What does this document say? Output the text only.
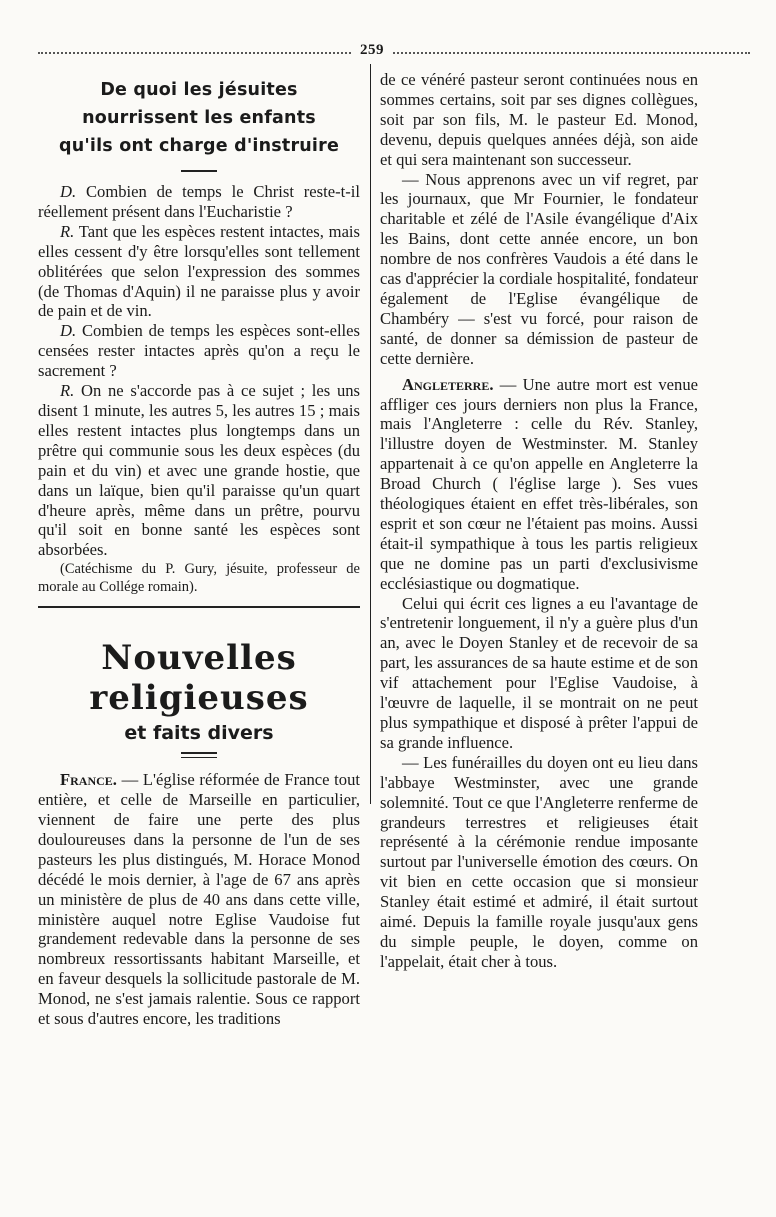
259
De quoi les jésuites
nourrissent les enfants
qu'ils ont charge d'instruire

D. Combien de temps le Christ reste-t-il réellement présent dans l'Eucharistie ?

R. Tant que les espèces restent intactes, mais elles cessent d'y être lorsqu'elles sont tellement oblitérées que selon l'expression des sommes (de Thomas d'Aquin) il ne paraisse plus y avoir de pain et de vin.

D. Combien de temps les espèces sont-elles censées rester intactes après qu'on a reçu le sacrement ?

R. On ne s'accorde pas à ce sujet ; les uns disent 1 minute, les autres 5, les autres 15 ; mais elles restent intactes plus longtemps dans un prêtre qui communie sous les deux espèces (du pain et du vin) et avec une grande hostie, que dans un laïque, bien qu'il paraisse qu'un quart d'heure après, même dans un prêtre, pourvu qu'il soit en bonne santé les espèces sont absorbées.

(Catéchisme du P. Gury, jésuite, professeur de morale au Collége romain).

Nouvelles religieuses
et faits divers

France. — L'église réformée de France tout entière, et celle de Marseille en particulier, viennent de faire une perte des plus douloureuses dans la personne de l'un de ses pasteurs les plus distingués, M. Horace Monod décédé le mois dernier, à l'age de 67 ans après un ministère de plus de 40 ans dans cette ville, ministère auquel notre Eglise Vaudoise fut grandement redevable dans la personne de ses nombreux ressortissants habitant Marseille, et en faveur desquels la sollicitude pastorale de M. Monod, ne s'est jamais ralentie. Sous ce rapport et sous d'autres encore, les traditions

de ce vénéré pasteur seront continuées nous en sommes certains, soit par ses dignes collègues, soit par son fils, M. le pasteur Ed. Monod, devenu, depuis quelques années déjà, son aide et qui sera maintenant son successeur.

— Nous apprenons avec un vif regret, par les journaux, que Mr Fournier, le fondateur charitable et zélé de l'Asile évangélique d'Aix les Bains, dont cette année encore, un bon nombre de nos confrères Vaudois a été dans le cas d'apprécier la cordiale hospitalité, fondateur également de l'Eglise évangélique de Chambéry — s'est vu forcé, pour raison de santé, de donner sa démission de pasteur de cette dernière.

Angleterre. — Une autre mort est venue affliger ces jours derniers non plus la France, mais l'Angleterre : celle du Rév. Stanley, l'illustre doyen de Westminster. M. Stanley appartenait à ce qu'on appelle en Angleterre la Broad Church ( l'église large ). Ses vues théologiques étaient en effet très-libérales, son esprit et son cœur ne l'étaient pas moins. Aussi était-il sympathique à tous les partis religieux que ne domine pas un parti d'exclusivisme ecclésiastique ou dogmatique.

Celui qui écrit ces lignes a eu l'avantage de s'entretenir longuement, il n'y a guère plus d'un an, avec le Doyen Stanley et de recevoir de sa part, les assurances de sa haute estime et de son vif attachement pour l'Eglise Vaudoise, à l'œuvre de laquelle, il se montrait on ne peut plus sympathique et disposé à prêter l'appui de sa grande influence.

— Les funérailles du doyen ont eu lieu dans l'abbaye Westminster, avec une grande solemnité. Tout ce que l'Angleterre renferme de grandeurs terrestres et religieuses était représenté à la cérémonie rendue imposante surtout par l'universelle émotion des cœurs. On vit bien en cette occasion que si monsieur Stanley était estimé et admiré, il était surtout aimé. Depuis la famille royale jusqu'aux gens du simple peuple, le doyen, comme on l'appelait, était cher à tous.
